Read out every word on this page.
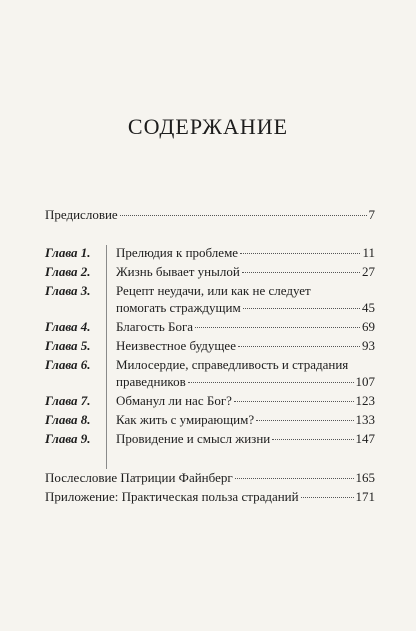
СОДЕРЖАНИЕ
Предисловие	7
Глава 1. Прелюдия к проблеме	11
Глава 2. Жизнь бывает унылой	27
Глава 3. Рецепт неудачи, или как не следует
помогать страждущим	45
Глава 4. Благость Бога	69
Глава 5. Неизвестное будущее	93
Глава 6. Милосердие, справедливость и страдания
праведников	107
Глава 7. Обманул ли нас Бог?	123
Глава 8. Как жить с умирающим?	133
Глава 9. Провидение и смысл жизни	147
Послесловие Патриции Файнберг	165
Приложение: Практическая польза страданий	171
